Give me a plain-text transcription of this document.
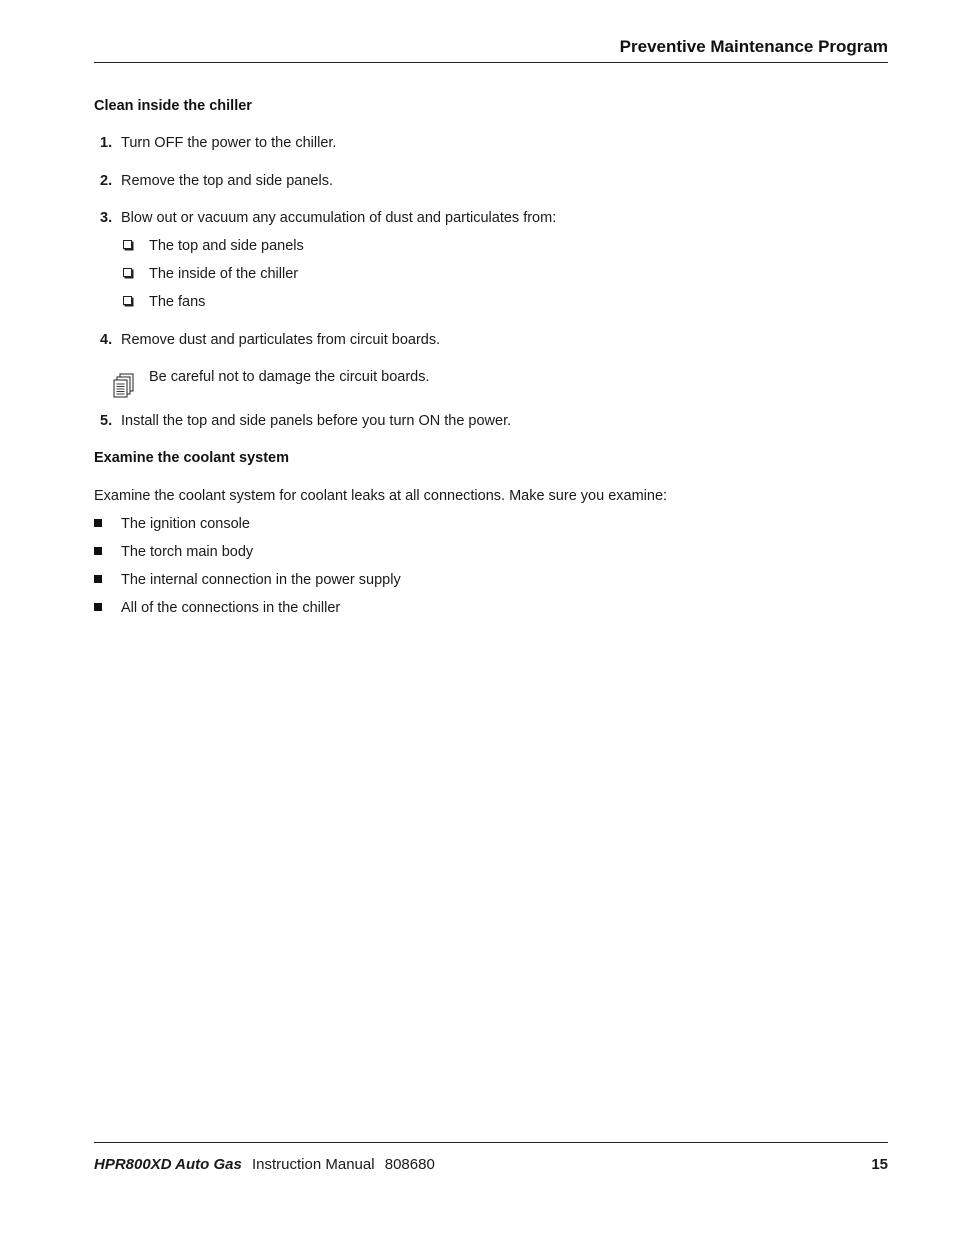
Preventive Maintenance Program
Clean inside the chiller
1. Turn OFF the power to the chiller.
2. Remove the top and side panels.
3. Blow out or vacuum any accumulation of dust and particulates from:
The top and side panels
The inside of the chiller
The fans
4. Remove dust and particulates from circuit boards.
Be careful not to damage the circuit boards.
5. Install the top and side panels before you turn ON the power.
Examine the coolant system
Examine the coolant system for coolant leaks at all connections. Make sure you examine:
The ignition console
The torch main body
The internal connection in the power supply
All of the connections in the chiller
HPR800XD Auto Gas Instruction Manual 808680	15
